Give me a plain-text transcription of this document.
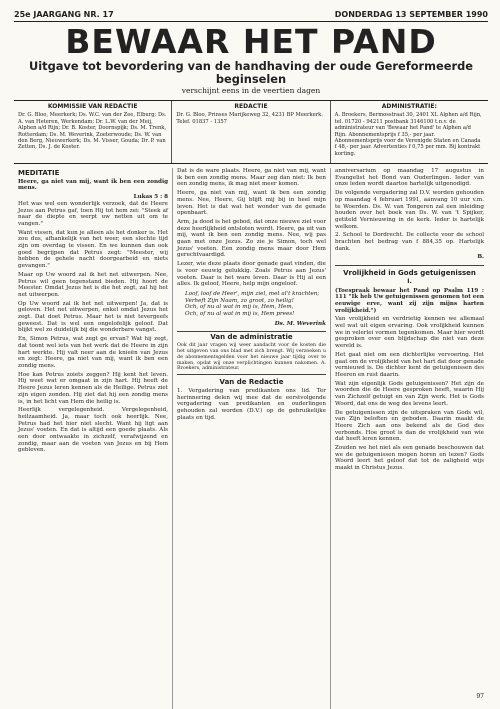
25e JAARGANG NR. 17	DONDERDAG 13 SEPTEMBER 1990
BEWAAR HET PAND
Uitgave tot bevordering van de handhaving der oude Gereformeerde beginselen
verschijnt eens in de veertien dagen
KOMMISSIE VAN REDACTIE
Dr. G. Bloo, Meerkerk; Ds. W.C. van der Zee, Elburg; Ds. A. van Heteren, Werkendam; Dr. L.W. van der Meij, Alphen a/d Rijn; Dr. B. Koster, Doornspijk; Ds. M. Trenk, Rotterdam; Ds. M. Weverink, Zoeterwoude; Ds. W. van den Berg, Nieuwerkerk; Ds. M. Visser, Gouda; Dr. P. van Zetten, Ds. J. de Koster.
REDACTIE
Dr. G. Bloo, Prinses Marijkeweg 32, 4231 BP Meerkerk. Telef. 01837 - 1357
ADMINISTRATIE:
A. Broekers, Bermosstraat 30, 2401 XL Alphen a/d Rijn, tel. 01720 - 94211 postbank 3146100 t.n.v. de administrateur van 'Bewaar het Pand' te Alphen a/d Rijn. Abonnementsprijs f 35,- per jaar. Abonnementsprijs voor de Verenigde Staten en Canada f 48,- per jaar. Advertenties f 0,75 per mm. Bij kontrakt korting.
MEDITATIE

Heere, ga niet van mij, want ik ben een zondig mens.

Lukas 5 : 8

Het was wel een wonderlijk verzoek, dat de Heere Jezus aan Petrus gaf, toen Hij tot hem zei: "Steek af naar de diepte en werpt uw netten uit om te vangen."

Want vissen, dat kun je alleen als het donker is. Het zou dus, afhankelijk van het weer, een slechte tijd zijn om overdag te vissen. En we kunnen dan ook goed begrijpen dat Petrus zegt: "Meester, wij hebben de gehele nacht doorgearbeid en niets gevangen."

Maar op Uw woord zal ik het net uitwerpen. Nee, Petrus wil geen tegenstand bieden. Hij hoort de Meester. Omdat Jezus het is die het zegt, zal hij het net uitwerpen.

Op Uw woord zal ik het net uitwerpen! Ja, dat is geloven. Het net uitwerpen, enkel omdat Jezus het zegt. Dat doet Petrus. Maar het is niet tevergeefs geweest. Dat is wel een ongelofelijk geloof. Dat blijkt wel zo duidelijk bij die wonderbare vangst.

En, Simon Petrus, wat zegt ge ervan? Wat hij zegt, dat toont wel iets van het werk dat de Heere in zijn hart werkte. Hij valt neer aan de knieën van Jezus en zegt: Heere, ga niet van mij, want ik ben een zondig mens.

Hoe kan Petrus zoiets zeggen? Hij kent het leven. Hij weet wat er omgaat in zijn hart. Hij heeft de Heere Jezus leren kennen als de Heilige. Petrus ziet zijn eigen zonden. Hij ziet dat hij een zondig mens is, in het licht van Hem die heilig is.

Heerlijk vergelegenheid. Vergelegenheid, heilzaamheid. Ja, maar toch ook heerlijk. Nee, Petrus had het hier niet slecht. Want hij ligt aan Jezus' voeten. En dat is altijd een goede plaats. Als een door ontwaakte in zichzelf, verafwijzend en zondig, maar aan de voeten van Jezus en bij Hem gebleven.

Dat is de ware plaats. Heere, ga niet van mij, want ik ben een zondig mens. Maar zeg dan niet: Ik ben een zondig mens, ik mag niet meer komen.

Heere, ga niet van mij, want ik ben een zondig mens. Nee, Heere, Gij blijft mij bij in heel mijn leven. Het is dat wat het wonder van de genade openbaart.

Arm, ja dood is het gebod, dat onze nieuwe ziel voor deze heerlijkheid ontsloten wordt. Heere, ga uit van mij, want ik ben een zondig mens. Nee, wij pas gaan met onze Jezus. Zo zie je Simon, toch wel Jezus' voeten. Een zondig mens maar door Hem gerechtvaardigd.

Lezer, wie deze plaats door genade gaat vinden, die is voor eeuwig gelukkig. Zoals Petrus aan Jezus' voeten. Daar is het ware leven. Daar is Hij al een alles. Ik geloof, Heere, help mijn ongeloof.

Loof, loof de Heer', mijn ziel, met al't krachten;
Verheft Zijn Naam, zo groot, zo heilig!
Och, of nu al wat in mij is, Hem, Hem,
Och, of nu al wat in mij is, Hem prees!
Ds. M. Weverink
Van de administratie
Ook dit jaar vragen wij weer aandacht voor de kosten die het uitgeven van ons blad met zich brengt. Wij verzoeken u de abonnementsgelden voor het nieuwe jaar tijdig over te maken, opdat wij onze verplichtingen kunnen nakomen. A. Broekers, administrateur.
Van de Redactie

1. Vergadering van predikanten ons lid. Ter herinnering delen wij mee dat de eerstvolgende vergadering van predikanten en ouderlingen gehouden zal worden (D.V.) op de gebruikelijke plaats en tijd.

anniversarium op maandag 17 augustus in Evangelist het Bond van Ouderlingen. Ieder van onze leden wordt daartoe hartelijk uitgenodigd.

De volgende vergadering zal D.V. worden gehouden op maandag 4 februari 1991, aanvang 10 uur v.m. te Woerden. Ds. W. van Tongeren zal een inleiding houden over het boek van Ds. W. van 't Spijker, getiteld Vernieuwing in de kerk. Ieder is hartelijk welkom.

2. School te Dordrecht. De collecte voor de school brachten het bedrag van f 884,35 op. Hartelijk dank.

B.
Vrolijkheid in Gods getuigenissen
I.

(Toespraak bewaar het Pand op Psalm 119 : 111 "Ik heb Uw getuigenissen genomen tot een eeuwige erve, want zij zijn mijns harten vrolijkheid.")

Van vrolijkheid en verdrietig kennen we allemaal wel wat uit eigen ervaring. Ook vrolijkheid kunnen we in velerlei vormen tegenkomen. Maar hier wordt gesproken over een blijdschap die niet van deze wereld is.

Het gaat niet om een dichterlijke vervoering. Het gaat om de vrolijkheid van het hart dat door genade vernieuwd is. De dichter kent de getuigenissen des Heeren en rust daarin.

Wat zijn eigenlijk Gods getuigenissen? Het zijn de woorden die de Heere gesproken heeft, waarin Hij van Zichzelf getuigt en van Zijn werk. Het is Gods Woord, dat ons de weg des levens leert.

De getuigenissen zijn de uitspraken van Gods wil, van Zijn beloften en geboden. Daarin maakt de Heere Zich aan ons bekend als de God des verbonds. Hoe groot is dan de vrolijkheid van wie dat heeft leren kennen.

Zouden we het niet als een genade beschouwen dat we de getuigenissen mogen horen en lezen? Gods Woord leert het geloof dat tot de zaligheid wijs maakt in Christus Jezus.

97
